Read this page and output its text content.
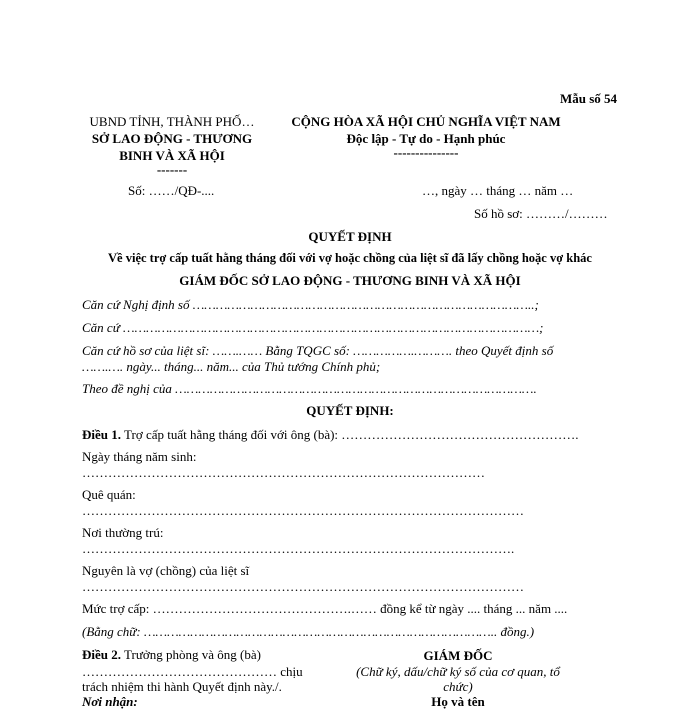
Mẫu số 54
UBND TỈNH, THÀNH PHỐ…
SỞ LAO ĐỘNG - THƯƠNG
BINH VÀ XÃ HỘI
-------
CỘNG HÒA XÃ HỘI CHỦ NGHĨA VIỆT NAM
Độc lập - Tự do - Hạnh phúc
---------------
Số: ……/QĐ-....	…, ngày … tháng … năm …
Số hồ sơ: ………/………
QUYẾT ĐỊNH
Về việc trợ cấp tuất hằng tháng đối với vợ hoặc chồng của liệt sĩ đã lấy chồng hoặc vợ khác
GIÁM ĐỐC SỞ LAO ĐỘNG - THƯƠNG BINH VÀ XÃ HỘI
Căn cứ Nghị định số ……………………………………………………………………………..;
Căn cứ ………………………………………………………………………………………………;
Căn cứ hồ sơ của liệt sĩ: …….…… Bằng TQGC số: …………….………. theo Quyết định số
…….…. ngày... tháng... năm... của Thủ tướng Chính phủ;
Theo đề nghị của ………………………………………………………………………………….
QUYẾT ĐỊNH:
Điều 1. Trợ cấp tuất hằng tháng đối với ông (bà): ……………………………………………….
Ngày tháng năm sinh:
…………………………………………………………………………………
Quê quán:
…………………………………………………………………………………………
Nơi thường trú:
……………………………………………………………………………………….
Nguyên là vợ (chồng) của liệt sĩ
…………………………………………………………………………………………
Mức trợ cấp: ……………………………………….…… đồng kể từ ngày .... tháng ... năm ....
(Bằng chữ: ……………………………………………………………………………….. đồng.)
Điều 2. Trưởng phòng và ông (bà)
……………………………………… chịu
trách nhiệm thi hành Quyết định này./.
Nơi nhận:
GIÁM ĐỐC
(Chữ ký, dấu/chữ ký số của cơ quan, tổ
chức)
Họ và tên
